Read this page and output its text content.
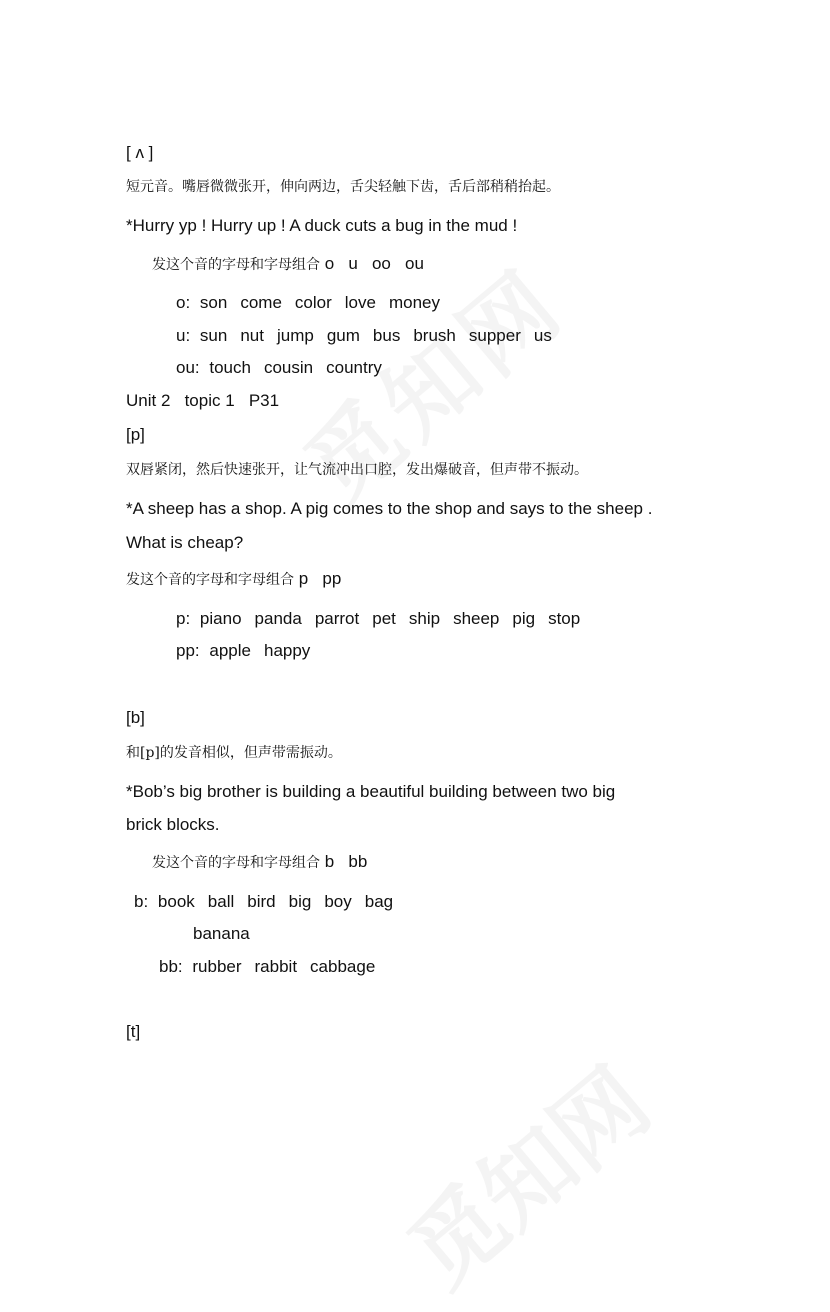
[ ʌ ]
短元音。嘴唇微微张开，伸向两边，舌尖轻触下齿，舌后部稍稍抬起。
*Hurry yp ! Hurry up ! A duck cuts a bug in the mud !
发这个音的字母和字母组合 o   u   oo   ou
o: son come color love money
u: sun nut jump gum bus brush supper us
ou: touch cousin country
Unit 2   topic 1   P31
[p]
双唇紧闭，然后快速张开，让气流冲出口腔，发出爆破音，但声带不振动。
*A sheep has a shop. A pig comes to the shop and says to the sheep .
What is cheap?
发这个音的字母和字母组合 p   pp
p: piano panda parrot pet ship sheep pig stop
pp: apple happy
[b]
和[p]的发音相似，但声带需振动。
*Bob’s big brother is building a beautiful building between two big
brick blocks.
发这个音的字母和字母组合 b   bb
b: book ball bird big boy bag
banana
bb: rubber rabbit cabbage
[t]
